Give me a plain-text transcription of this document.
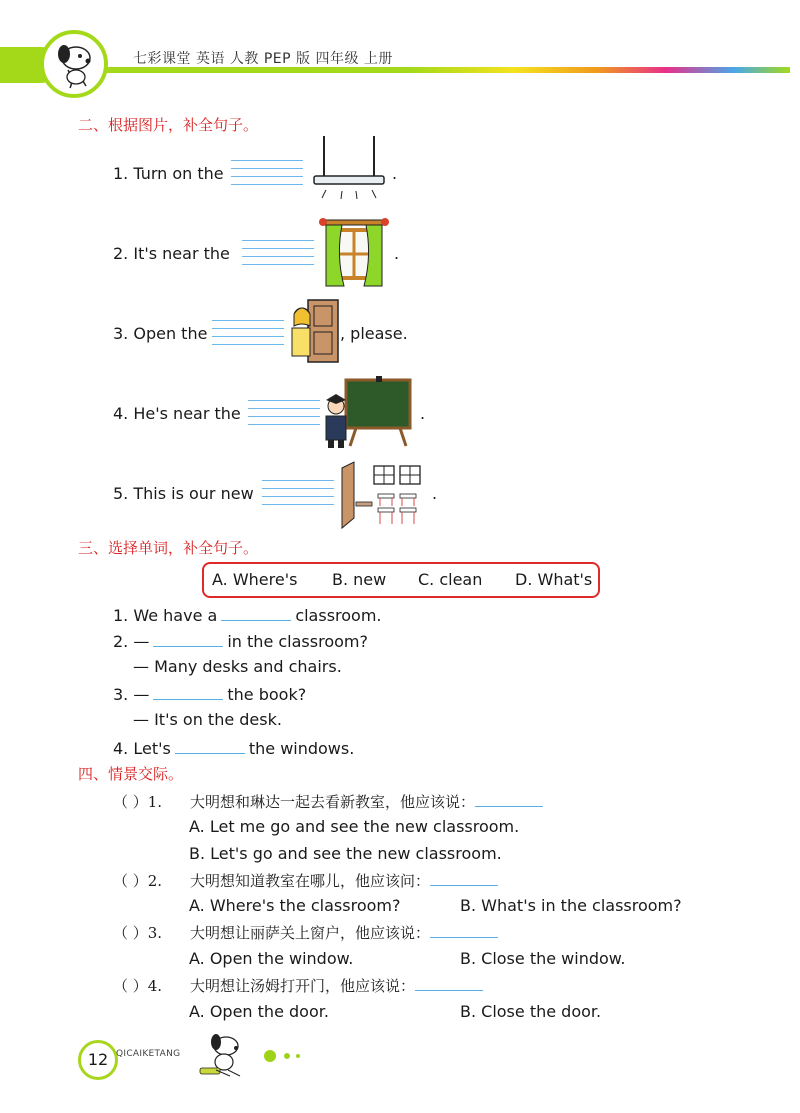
七彩课堂 英语 人教 PEP 版 四年级 上册
二、根据图片，补全句子。
1. Turn on the	.
2. It's near the	.
3. Open the	, please.
4. He's near the	.
5. This is our new	.
三、选择单词，补全句子。
A. Where's B. new C. clean D. What's
1. We have a	classroom.
2. —	in the classroom?
— Many desks and chairs.
3. —	the book?
— It's on the desk.
4. Let's	the windows.
四、情景交际。
（ ）1. 大明想和琳达一起去看新教室，他应该说：
A. Let me go and see the new classroom.
B. Let's go and see the new classroom.
（ ）2. 大明想知道教室在哪儿，他应该问：
A. Where's the classroom?	B. What's in the classroom?
（ ）3. 大明想让丽萨关上窗户，他应该说：
A. Open the window.	B. Close the window.
（ ）4. 大明想让汤姆打开门，他应该说：
A. Open the door.	B. Close the door.
12 QICAIKETANG
